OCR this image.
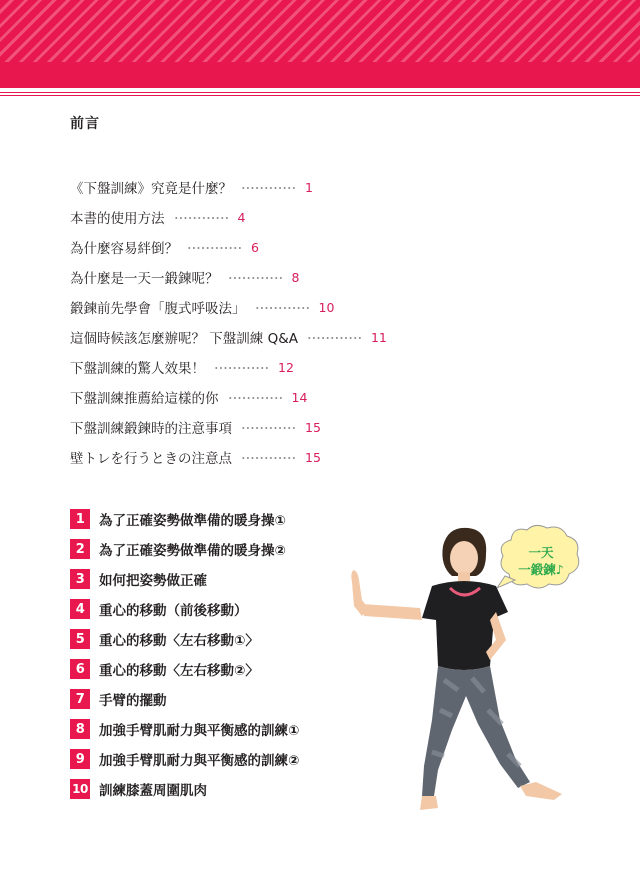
前言
《下盤訓練》究竟是什麼？	1
本書的使用方法	4
為什麼容易絆倒？	6
為什麼是一天一鍛鍊呢？	8
鍛鍊前先學會「腹式呼吸法」	10
這個時候該怎麼辦呢？ 下盤訓練 Q&A	11
下盤訓練的驚人效果！	12
下盤訓練推薦給這樣的你	14
下盤訓練鍛鍊時的注意事項	15
壁トレを行うときの注意点	15
1	為了正確姿勢做準備的暖身操①
2	為了正確姿勢做準備的暖身操②
3	如何把姿勢做正確
4	重心的移動（前後移動）
5	重心的移動〈左右移動①〉
6	重心的移動〈左右移動②〉
7	手臂的擺動
8	加強手臂肌耐力與平衡感的訓練①
9	加強手臂肌耐力與平衡感的訓練②
10 訓練膝蓋周圍肌肉
一天
一鍛鍊♪
